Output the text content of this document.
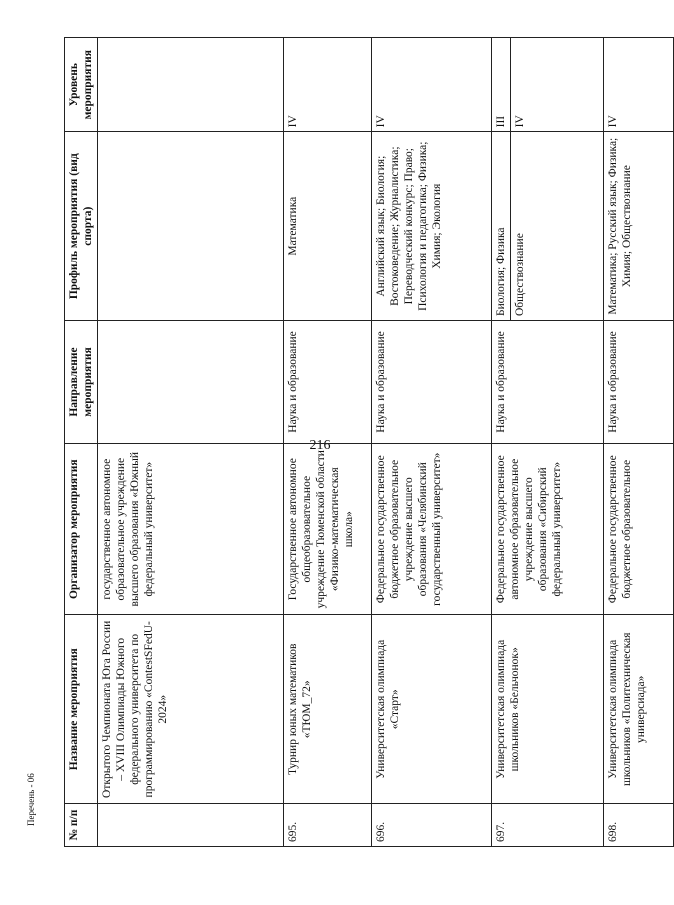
216
Перечень - 06	№ п/п	Название мероприятия	Организатор мероприятия	Направление мероприятия	Профиль мероприятия (вид спорта)	Уровень мероприятия
	Открытого Чемпионата Юга России – XVIII Олимпиады Южного федерального университета по программированию «ContestSFedU-2024»	государственное автономное образовательное учреждение высшего образования «Южный федеральный университет»			
695.	Турнир юных математиков «ТЮМ_72»	Государственное автономное общеобразовательное учреждение Тюменской области «Физико-математическая школа»	Наука и образование	Математика	IV
696.	Университетская олимпиада «Старт»	Федеральное государственное бюджетное образовательное учреждение высшего образования «Челябинский государственный университет»	Наука и образование	Английский язык; Биология; Востоковедение; Журналистика; Переводческий конкурс; Право; Психология и педагогика; Физика; Химия; Экология	IV
697.	Университетская олимпиада школьников «Бельчонок»	Федеральное государственное автономное образовательное учреждение высшего образования «Сибирский федеральный университет»	Наука и образование	Биология; Физика Обществознание	III IV

698.	Университетская олимпиада школьников «Политехническая универсиада»	Федеральное государственное бюджетное образовательное	Наука и образование	Математика; Русский язык; Физика; Химия; Обществознание	IV
